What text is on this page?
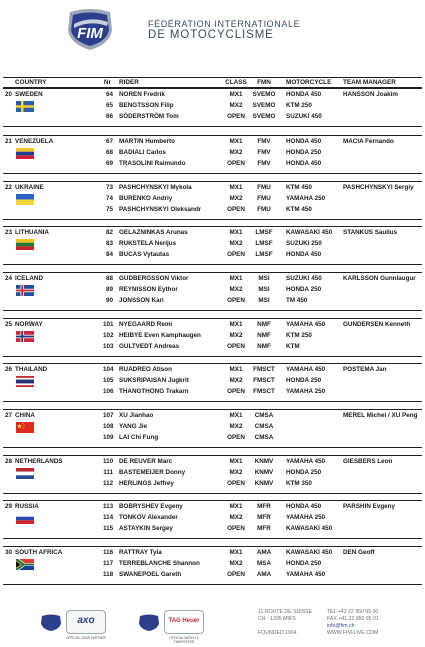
FIM
FÉDÉRATION INTERNATIONALE
DE MOTOCYCLISME
COUNTRY	Nr RIDER	CLASS	FMN	MOTORCYCLE TEAM MANAGER
20 SWEDEN	HANSSON Joakim
64 NOREN Fredrik	MX1	SVEMO HONDA 450
65 BENGTSSON Filip	MX2	SVEMO KTM 250
66 SÖDERSTRÖM Tom	OPEN	SVEMO SUZUKI 450
21 VENEZUELA	MACIA Fernando
67 MARTIN Humberto	MX1	FMV	HONDA 450
68 BADIALI Carlos	MX2	FMV	HONDA 250
69 TRASOLINI Raimundo	OPEN	FMV	HONDA 450
22 UKRAINE	PASHCHYNSKYI Sergiy
73 PASHCHYNSKYI Mykola	MX1	FMU	KTM 450
74 BURENKO Andriy	MX2	FMU	YAMAHA 250
75 PASHCHYNSKYI Oleksandr	OPEN	FMU	KTM 450
23 LITHUANIA	STANKUS Saulius
82 GELAZNINKAS Arunas	MX1	LMSF	KAWASAKI 450
83 RUKSTELA Nerijus	MX2	LMSF	SUZUKI 250
84 BUCAS Vytautas	OPEN	LMSF	HONDA 450
24 ICELAND	KARLSSON Gunnlaugur
88 GUDBERGSSON Viktor	MX1	MSI	SUZUKI 450
89 REYNISSON Eythor	MX2	MSI	HONDA 250
90 JONSSON Kari	OPEN	MSI	TM 450
25 NORWAY	GUNDERSEN Kenneth
101 NYEGAARD Remi	MX1	NMF	YAMAHA 450
102 HEIBYE Even Kamphaugen	MX2	NMF	KTM 250
103 GULTVEDT Andreas	OPEN	NMF	KTM
26 THAILAND	POSTEMA Jan
104 RUADREO Atison	MX1	FMSCT YAMAHA 450
105 SUKSRIPAISAN Jugkrit	MX2	FMSCT HONDA 250
106 THANGTHONG Trakarn	OPEN	FMSCT YAMAHA 250
27 CHINA	MEREL Michel / XU Peng
107 XU Jianhao	MX1	CMSA
108 YANG Jie	MX2	CMSA
109 LAI Chi Fung	OPEN	CMSA
28 NETHERLANDS	GIESBERS Leon
110 DE REUVER Marc	MX1	KNMV	YAMAHA 450
111 BASTEMEIJER Donny	MX2	KNMV	HONDA 250
112 HERLINGS Jeffrey	OPEN	KNMV	KTM 350
29 RUSSIA	PARSHIN Evgeny
113 BOBRYSHEV Evgeny	MX1	MFR	HONDA 450
114 TONKOV Alexander	MX2	MFR	YAMAHA 250
115 ASTAYKIN Sergey	OPEN	MFR	KAWASAKI 450
30 SOUTH AFRICA	DEN Geoff
116 RATTRAY Tyla	MX1	AMA	KAWASAKI 450
117 TERREBLANCHE Shannon	MX2	MSA	HONDA 250
118 SWANEPOEL Gareth	OPEN	AMA	YAMAHA 450
axo
OFFICIAL GEAR PARTNER
TAG Heuer
OFFICIAL WATCH & TIMEKEEPER
11 ROUTE DE SUISSE
CH - 1295 MIES
FOUNDED 1904
TEL +41 22 950 95 00
FAX +41 22 950 95 01
info@fim.ch
WWW.FIM-LIVE.COM
